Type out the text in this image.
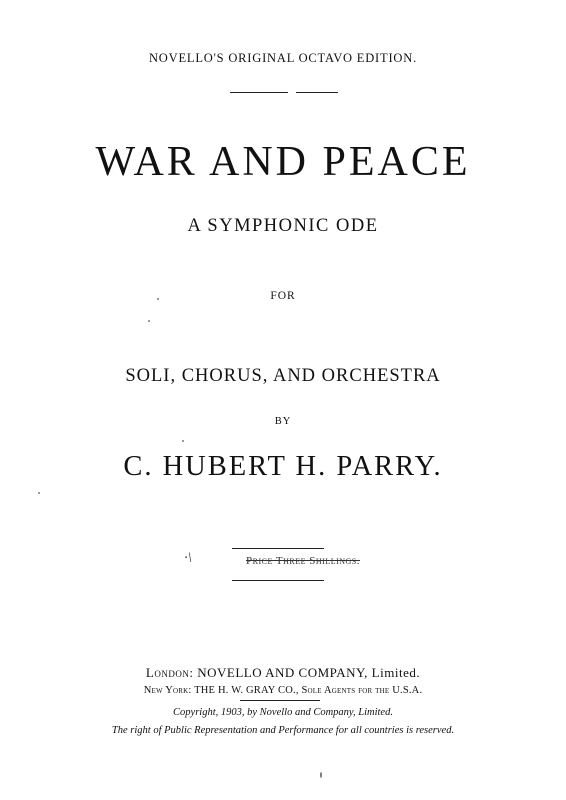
NOVELLO'S ORIGINAL OCTAVO EDITION.
WAR AND PEACE
A SYMPHONIC ODE
FOR
SOLI, CHORUS, AND ORCHESTRA
BY
C. HUBERT H. PARRY.
Price Three Shillings.
·\
London: NOVELLO AND COMPANY, Limited.
New York: THE H. W. GRAY CO., Sole Agents for the U.S.A.
Copyright, 1903, by Novello and Company, Limited.
The right of Public Representation and Performance for all countries is reserved.
